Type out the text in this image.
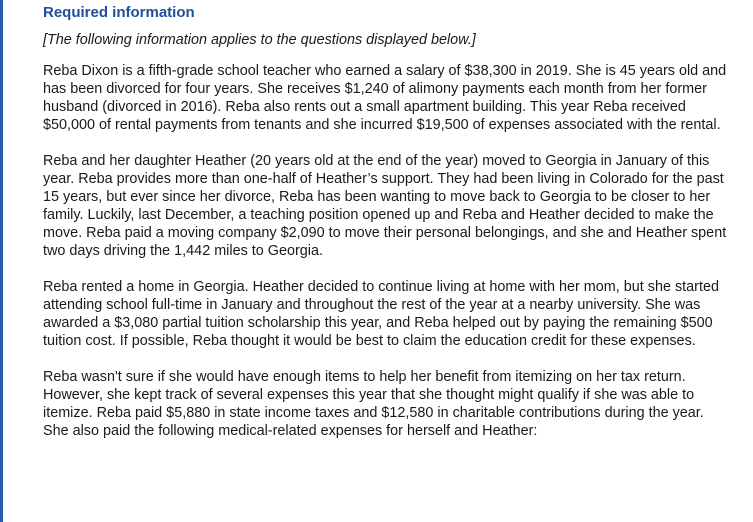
Required information

[The following information applies to the questions displayed below.]

Reba Dixon is a fifth-grade school teacher who earned a salary of $38,300 in 2019. She is 45 years old and has been divorced for four years. She receives $1,240 of alimony payments each month from her former husband (divorced in 2016). Reba also rents out a small apartment building. This year Reba received $50,000 of rental payments from tenants and she incurred $19,500 of expenses associated with the rental.

Reba and her daughter Heather (20 years old at the end of the year) moved to Georgia in January of this year. Reba provides more than one-half of Heather’s support. They had been living in Colorado for the past 15 years, but ever since her divorce, Reba has been wanting to move back to Georgia to be closer to her family. Luckily, last December, a teaching position opened up and Reba and Heather decided to make the move. Reba paid a moving company $2,090 to move their personal belongings, and she and Heather spent two days driving the 1,442 miles to Georgia.

Reba rented a home in Georgia. Heather decided to continue living at home with her mom, but she started attending school full-time in January and throughout the rest of the year at a nearby university. She was awarded a $3,080 partial tuition scholarship this year, and Reba helped out by paying the remaining $500 tuition cost. If possible, Reba thought it would be best to claim the education credit for these expenses.

Reba wasn't sure if she would have enough items to help her benefit from itemizing on her tax return. However, she kept track of several expenses this year that she thought might qualify if she was able to itemize. Reba paid $5,880 in state income taxes and $12,580 in charitable contributions during the year. She also paid the following medical-related expenses for herself and Heather:
